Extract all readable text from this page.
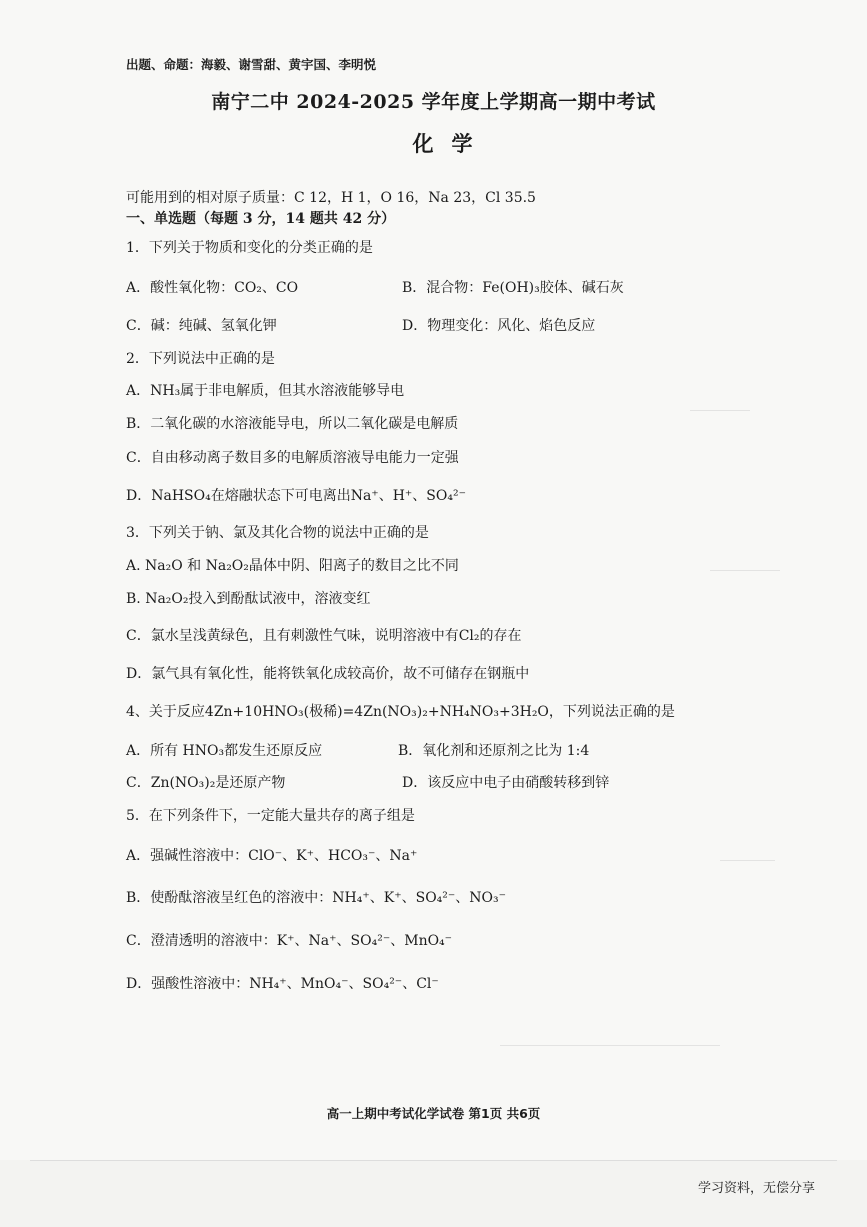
出题、命题：海毅、谢雪甜、黄宇国、李明悦
南宁二中 2024-2025 学年度上学期高一期中考试
化学
可能用到的相对原子质量：C 12，H 1，O 16，Na 23，Cl 35.5
一、单选题（每题 3 分，14 题共 42 分）
1．下列关于物质和变化的分类正确的是
A．酸性氧化物：CO₂、CO	B．混合物：Fe(OH)₃胶体、碱石灰
C．碱：纯碱、氢氧化钾	D．物理变化：风化、焰色反应
2．下列说法中正确的是
A．NH₃属于非电解质，但其水溶液能够导电
B．二氧化碳的水溶液能导电，所以二氧化碳是电解质
C．自由移动离子数目多的电解质溶液导电能力一定强
D．NaHSO₄在熔融状态下可电离出Na⁺、H⁺、SO₄²⁻
3．下列关于钠、氯及其化合物的说法中正确的是
A. Na₂O 和 Na₂O₂晶体中阴、阳离子的数目之比不同
B. Na₂O₂投入到酚酞试液中，溶液变红
C．氯水呈浅黄绿色，且有刺激性气味，说明溶液中有Cl₂的存在
D．氯气具有氧化性，能将铁氧化成较高价，故不可储存在钢瓶中
4、关于反应4Zn+10HNO₃(极稀)=4Zn(NO₃)₂+NH₄NO₃+3H₂O，下列说法正确的是
A．所有 HNO₃都发生还原反应	B．氧化剂和还原剂之比为 1:4
C．Zn(NO₃)₂是还原产物	D．该反应中电子由硝酸转移到锌
5．在下列条件下，一定能大量共存的离子组是
A．强碱性溶液中：ClO⁻、K⁺、HCO₃⁻、Na⁺
B．使酚酞溶液呈红色的溶液中：NH₄⁺、K⁺、SO₄²⁻、NO₃⁻
C．澄清透明的溶液中：K⁺、Na⁺、SO₄²⁻、MnO₄⁻
D．强酸性溶液中：NH₄⁺、MnO₄⁻、SO₄²⁻、Cl⁻
高一上期中考试化学试卷 第1页 共6页
学习资料，无偿分享
